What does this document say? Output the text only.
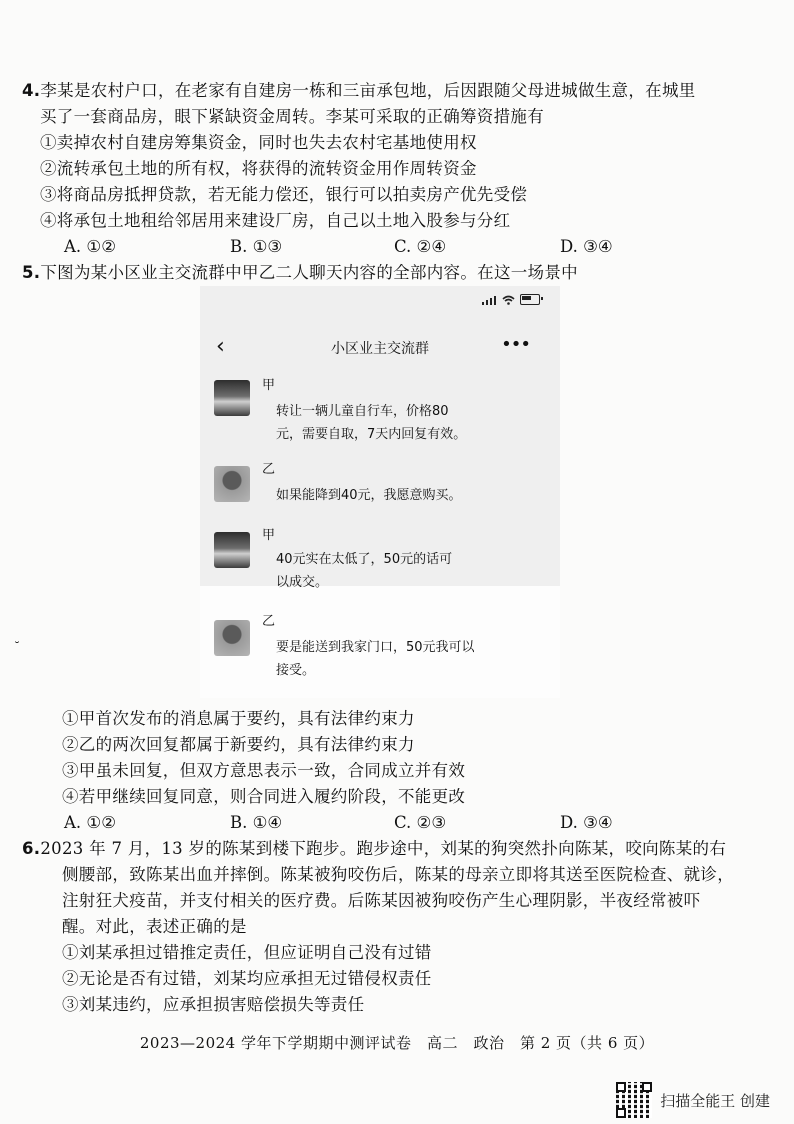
4.李某是农村户口，在老家有自建房一栋和三亩承包地，后因跟随父母进城做生意，在城里
买了一套商品房，眼下紧缺资金周转。李某可采取的正确筹资措施有
①卖掉农村自建房筹集资金，同时也失去农村宅基地使用权
②流转承包土地的所有权，将获得的流转资金用作周转资金
③将商品房抵押贷款，若无能力偿还，银行可以拍卖房产优先受偿
④将承包土地租给邻居用来建设厂房，自己以土地入股参与分红
A. ①②	B. ①③	C. ②④	D. ③④
5.下图为某小区业主交流群中甲乙二人聊天内容的全部内容。在这一场景中
‹	小区业主交流群	•••
甲
转让一辆儿童自行车，价格80
元，需要自取，7天内回复有效。
乙
如果能降到40元，我愿意购买。
甲
40元实在太低了，50元的话可
以成交。
乙
要是能送到我家门口，50元我可以
接受。
˘
①甲首次发布的消息属于要约，具有法律约束力
②乙的两次回复都属于新要约，具有法律约束力
③甲虽未回复，但双方意思表示一致，合同成立并有效
④若甲继续回复同意，则合同进入履约阶段，不能更改
A. ①②	B. ①④	C. ②③	D. ③④
6.2023 年 7 月，13 岁的陈某到楼下跑步。跑步途中，刘某的狗突然扑向陈某，咬向陈某的右
侧腰部，致陈某出血并摔倒。陈某被狗咬伤后，陈某的母亲立即将其送至医院检查、就诊，
注射狂犬疫苗，并支付相关的医疗费。后陈某因被狗咬伤产生心理阴影，半夜经常被吓
醒。对此，表述正确的是
①刘某承担过错推定责任，但应证明自己没有过错
②无论是否有过错，刘某均应承担无过错侵权责任
③刘某违约，应承担损害赔偿损失等责任
2023—2024 学年下学期期中测评试卷　高二　政治　第 2 页（共 6 页）
扫描全能王 创建
